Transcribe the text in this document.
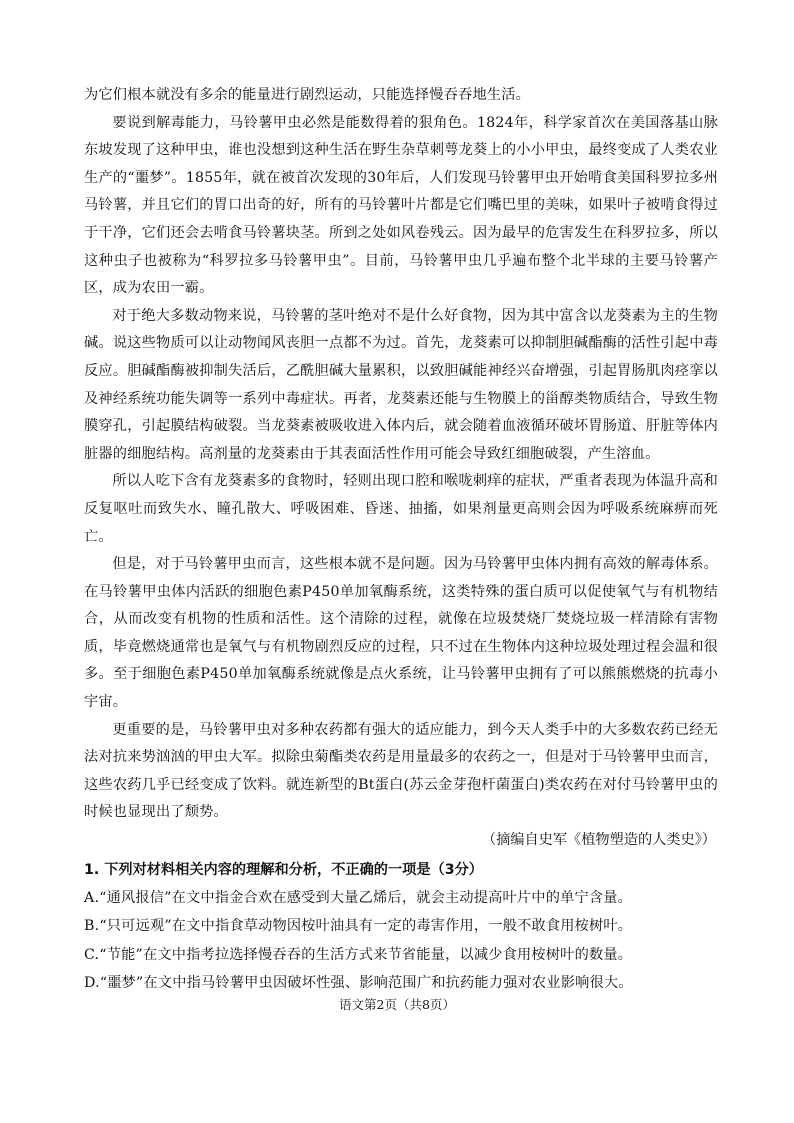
为它们根本就没有多余的能量进行剧烈运动，只能选择慢吞吞地生活。

要说到解毒能力，马铃薯甲虫必然是能数得着的狠角色。1824年，科学家首次在美国落基山脉东坡发现了这种甲虫，谁也没想到这种生活在野生杂草刺萼龙葵上的小小甲虫，最终变成了人类农业生产的“噩梦”。1855年，就在被首次发现的30年后，人们发现马铃薯甲虫开始啃食美国科罗拉多州马铃薯，并且它们的胃口出奇的好，所有的马铃薯叶片都是它们嘴巴里的美味，如果叶子被啃食得过于干净，它们还会去啃食马铃薯块茎。所到之处如风卷残云。因为最早的危害发生在科罗拉多，所以这种虫子也被称为“科罗拉多马铃薯甲虫”。目前，马铃薯甲虫几乎遍布整个北半球的主要马铃薯产区，成为农田一霸。

对于绝大多数动物来说，马铃薯的茎叶绝对不是什么好食物，因为其中富含以龙葵素为主的生物碱。说这些物质可以让动物闻风丧胆一点都不为过。首先，龙葵素可以抑制胆碱酯酶的活性引起中毒反应。胆碱酯酶被抑制失活后，乙酰胆碱大量累积，以致胆碱能神经兴奋增强，引起胃肠肌肉痉挛以及神经系统功能失调等一系列中毒症状。再者，龙葵素还能与生物膜上的甾醇类物质结合，导致生物膜穿孔，引起膜结构破裂。当龙葵素被吸收进入体内后，就会随着血液循环破坏胃肠道、肝脏等体内脏器的细胞结构。高剂量的龙葵素由于其表面活性作用可能会导致红细胞破裂，产生溶血。

所以人吃下含有龙葵素多的食物时，轻则出现口腔和喉咙刺痒的症状，严重者表现为体温升高和反复呕吐而致失水、瞳孔散大、呼吸困难、昏迷、抽搐，如果剂量更高则会因为呼吸系统麻痹而死亡。

但是，对于马铃薯甲虫而言，这些根本就不是问题。因为马铃薯甲虫体内拥有高效的解毒体系。在马铃薯甲虫体内活跃的细胞色素P450单加氧酶系统，这类特殊的蛋白质可以促使氧气与有机物结合，从而改变有机物的性质和活性。这个清除的过程，就像在垃圾焚烧厂焚烧垃圾一样清除有害物质，毕竟燃烧通常也是氧气与有机物剧烈反应的过程，只不过在生物体内这种垃圾处理过程会温和很多。至于细胞色素P450单加氧酶系统就像是点火系统，让马铃薯甲虫拥有了可以熊熊燃烧的抗毒小宇宙。

更重要的是，马铃薯甲虫对多种农药都有强大的适应能力，到今天人类手中的大多数农药已经无法对抗来势汹汹的甲虫大军。拟除虫菊酯类农药是用量最多的农药之一，但是对于马铃薯甲虫而言，这些农药几乎已经变成了饮料。就连新型的Bt蛋白(苏云金芽孢杆菌蛋白)类农药在对付马铃薯甲虫的时候也显现出了颓势。

（摘编自史军《植物塑造的人类史》）

1. 下列对材料相关内容的理解和分析，不正确的一项是（3分）

A.“通风报信”在文中指金合欢在感受到大量乙烯后，就会主动提高叶片中的单宁含量。

B.“只可远观”在文中指食草动物因桉叶油具有一定的毒害作用，一般不敢食用桉树叶。

C.“节能”在文中指考拉选择慢吞吞的生活方式来节省能量，以减少食用桉树叶的数量。

D.“噩梦”在文中指马铃薯甲虫因破坏性强、影响范围广和抗药能力强对农业影响很大。

语文第2页（共8页）
